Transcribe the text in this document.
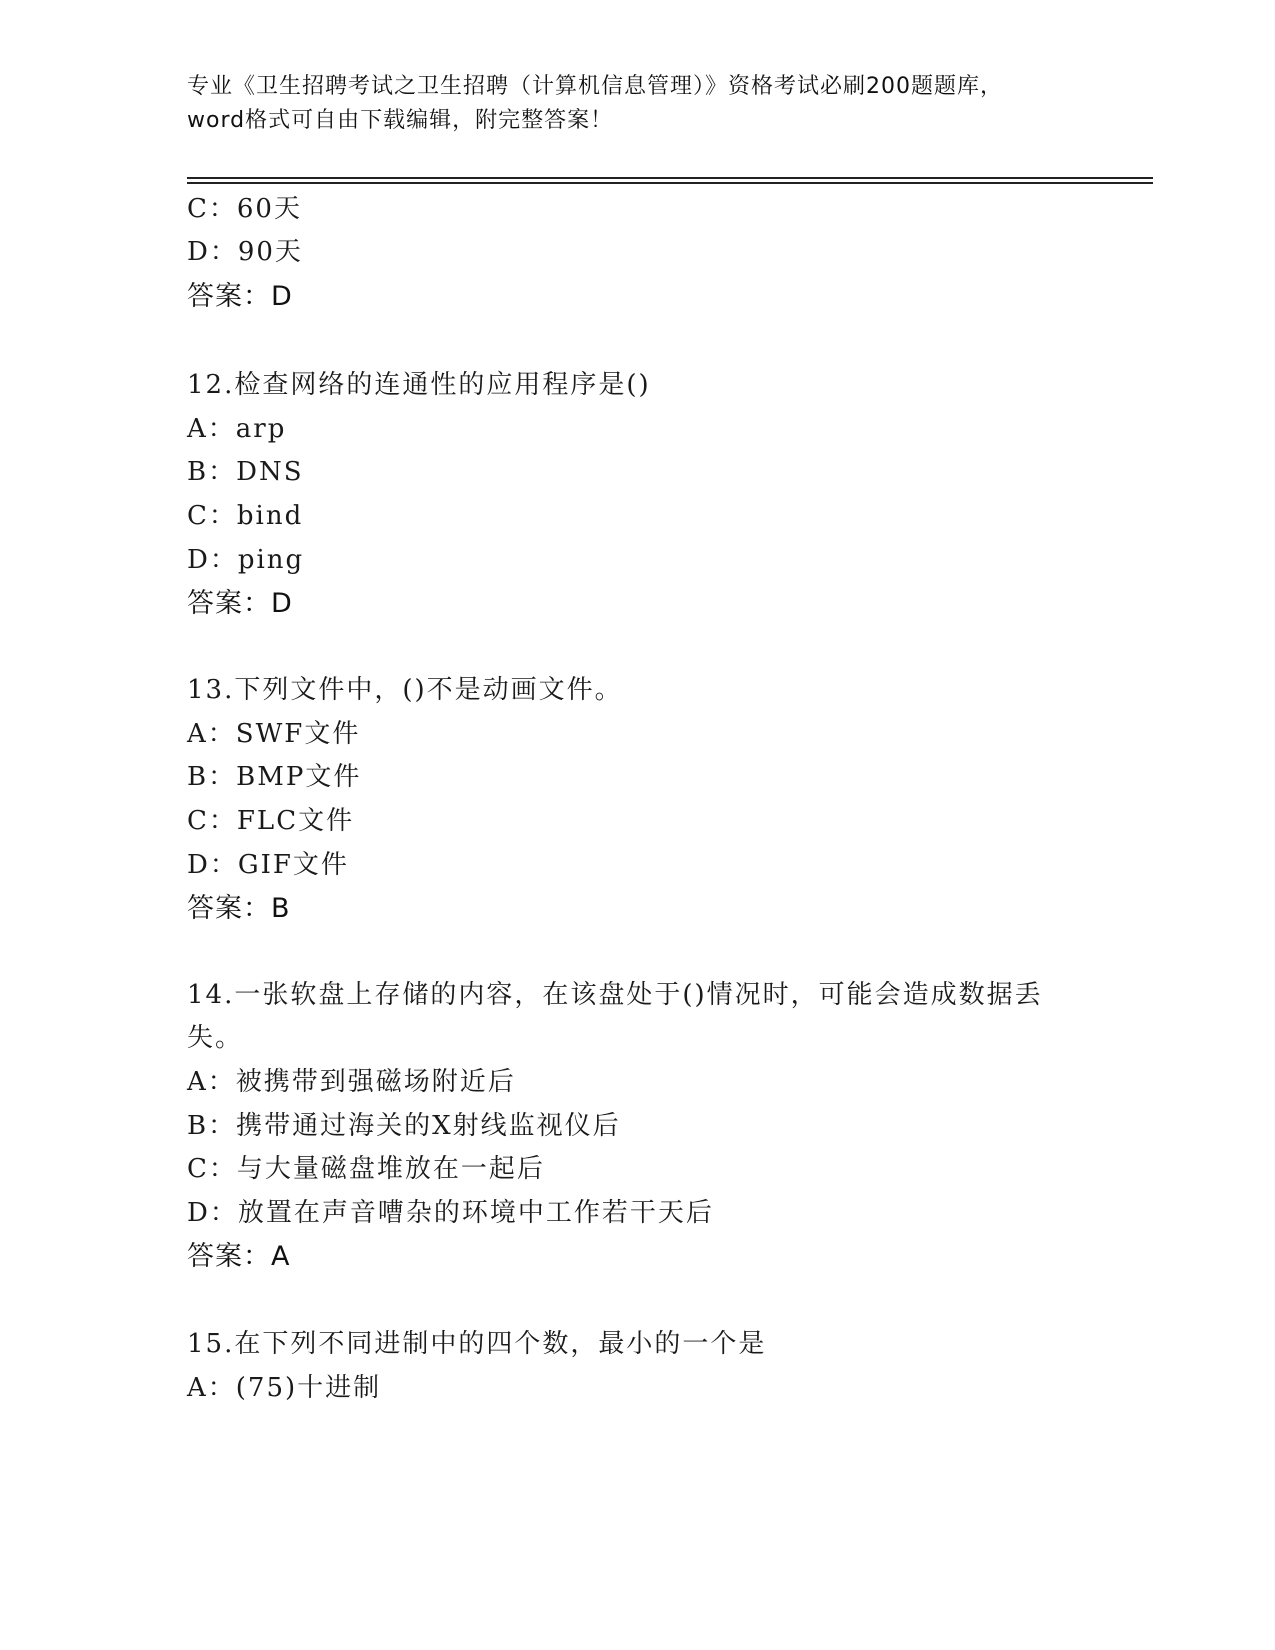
专业《卫生招聘考试之卫生招聘（计算机信息管理）》资格考试必刷200题题库，
word格式可自由下载编辑，附完整答案！
C：60天
D：90天
答案：D
12.检查网络的连通性的应用程序是()
A：arp
B：DNS
C：bind
D：ping
答案：D
13.下列文件中，()不是动画文件。
A：SWF文件
B：BMP文件
C：FLC文件
D：GIF文件
答案：B
14.一张软盘上存储的内容，在该盘处于()情况时，可能会造成数据丢
失。
A：被携带到强磁场附近后
B：携带通过海关的X射线监视仪后
C：与大量磁盘堆放在一起后
D：放置在声音嘈杂的环境中工作若干天后
答案：A
15.在下列不同进制中的四个数，最小的一个是
A：(75)十进制
